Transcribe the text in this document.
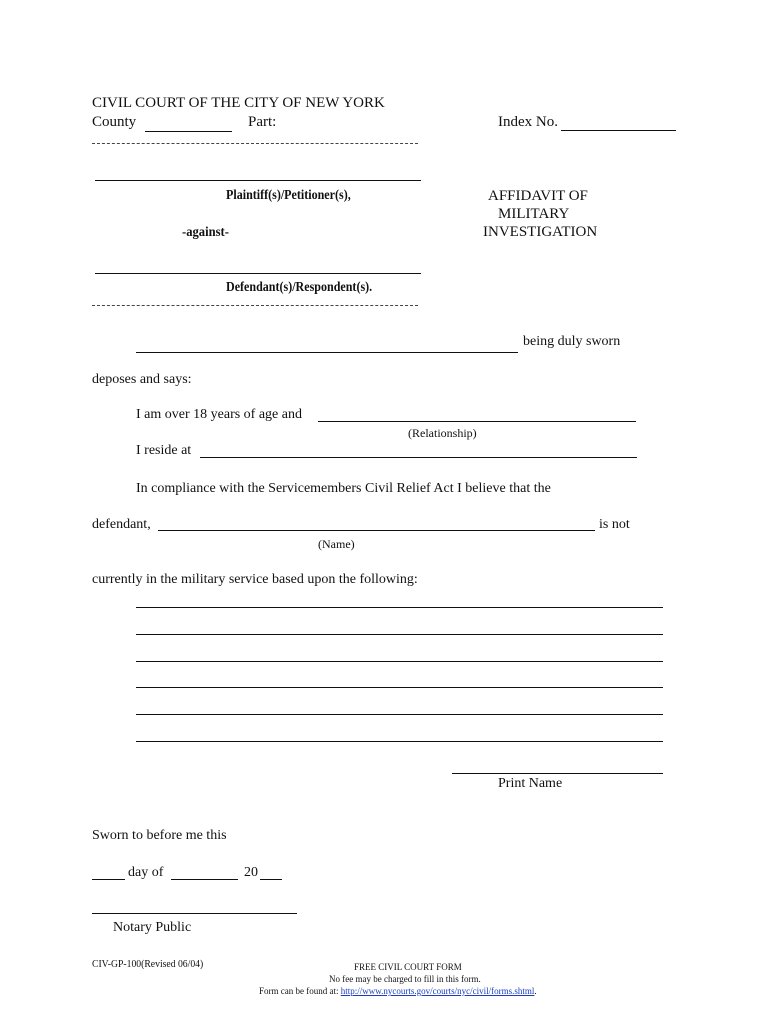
CIVIL COURT OF THE CITY OF NEW YORK
County	Part:	Index No.
Plaintiff(s)/Petitioner(s),
-against-
Defendant(s)/Respondent(s).
AFFIDAVIT OF
MILITARY
INVESTIGATION
being duly sworn
deposes and says:
I am over 18 years of age and
(Relationship)
I reside at
In compliance with the Servicemembers Civil Relief Act I believe that the
defendant,	is not
(Name)
currently in the military service based upon the following:
Print Name
Sworn to before me this
day of	20
Notary Public
CIV-GP-100(Revised 06/04)	FREE CIVIL COURT FORM
No fee may be charged to fill in this form.
Form can be found at: http://www.nycourts.gov/courts/nyc/civil/forms.shtml.
